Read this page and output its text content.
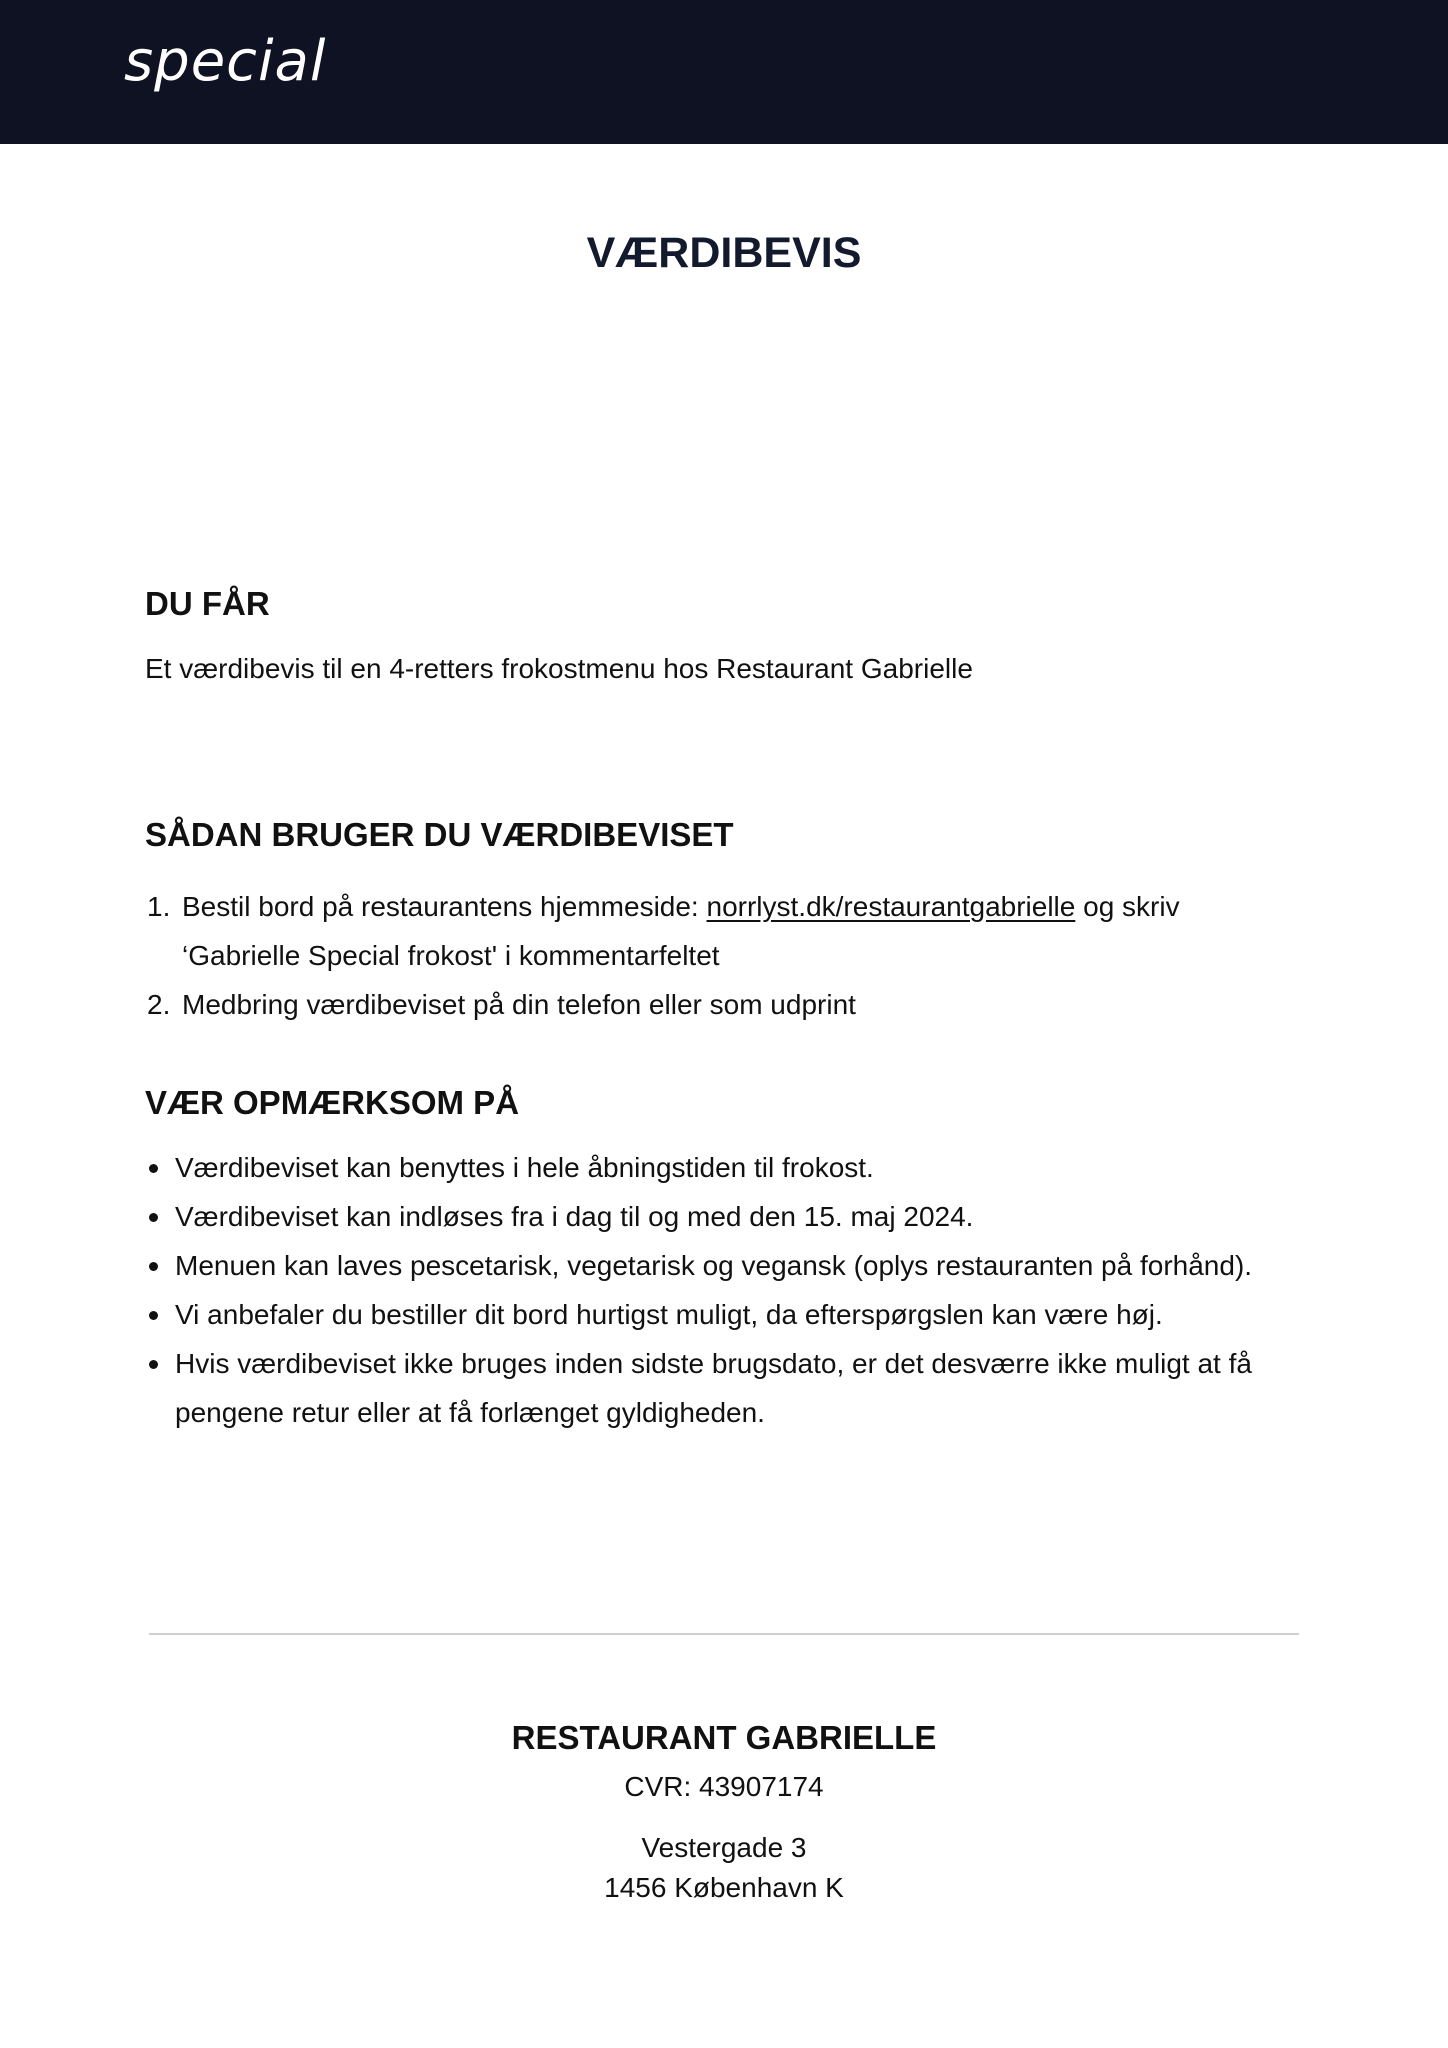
special
VÆRDIBEVIS
DU FÅR

Et værdibevis til en 4-retters frokostmenu hos Restaurant Gabrielle

SÅDAN BRUGER DU VÆRDIBEVISET
1. Bestil bord på restaurantens hjemmeside: norrlyst.dk/restaurantgabrielle og skriv ‘Gabrielle Special frokost' i kommentarfeltet
2. Medbring værdibeviset på din telefon eller som udprint
VÆR OPMÆRKSOM PÅ
Værdibeviset kan benyttes i hele åbningstiden til frokost.
Værdibeviset kan indløses fra i dag til og med den 15. maj 2024.
Menuen kan laves pescetarisk, vegetarisk og vegansk (oplys restauranten på forhånd).
Vi anbefaler du bestiller dit bord hurtigst muligt, da efterspørgslen kan være høj.
Hvis værdibeviset ikke bruges inden sidste brugsdato, er det desværre ikke muligt at få pengene retur eller at få forlænget gyldigheden.
RESTAURANT GABRIELLE

CVR: 43907174

Vestergade 3

1456 København K
